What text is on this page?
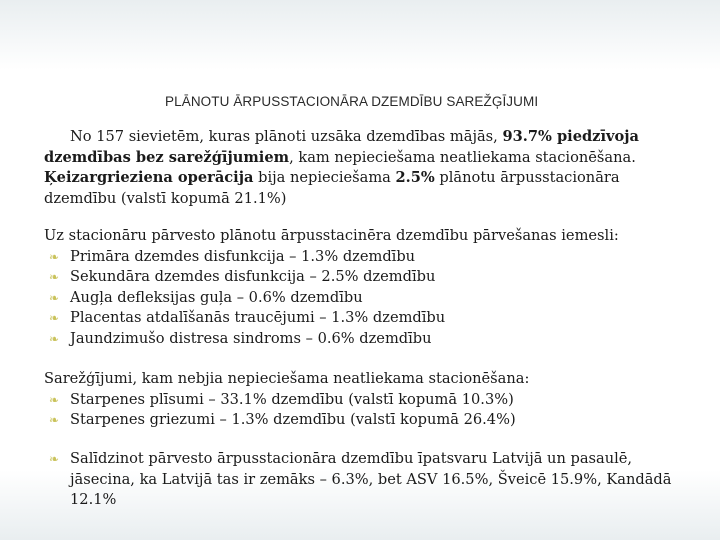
PLĀNOTU ĀRPUSSTACIONĀRA DZEMDĪBU SAREŽĢĪJUMI
No 157 sievietēm, kuras plānoti uzsāka dzemdības mājās, 93.7% piedzīvoja dzemdības bez sarežģījumiem, kam nepieciešama neatliekama stacionēšana. Ķeizargrieziena operācija bija nepieciešama 2.5% plānotu ārpusstacionāra dzemdību (valstī kopumā 21.1%)
Uz stacionāru pārvesto plānotu ārpusstacinēra dzemdību pārvešanas iemesli:
❧ Primāra dzemdes disfunkcija – 1.3% dzemdību
❧ Sekundāra dzemdes disfunkcija – 2.5% dzemdību
❧ Augļa defleksijas guļa – 0.6% dzemdību
❧ Placentas atdalīšanās traucējumi – 1.3% dzemdību
❧ Jaundzimušo distresa sindroms – 0.6% dzemdību
Sarežģījumi, kam nebjia nepieciešama neatliekama stacionēšana:
❧ Starpenes plīsumi – 33.1% dzemdību (valstī kopumā 10.3%)
❧ Starpenes griezumi – 1.3% dzemdību (valstī kopumā 26.4%)
❧ Salīdzinot pārvesto ārpusstacionāra dzemdību īpatsvaru Latvijā un pasaulē, jāsecina, ka Latvijā tas ir zemāks – 6.3%, bet ASV 16.5%, Šveicē 15.9%, Kandādā 12.1%
